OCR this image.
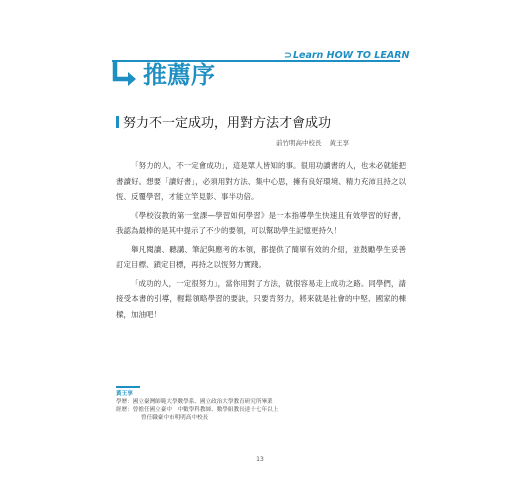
⊃Learn HOW TO LEARN
推薦序
努力不一定成功，用對方法才會成功
前竹明高中校長 黃王享

「努力的人，不一定會成功」，這是眾人皆知的事。很用功讀書的人，也未必就能把書讀好。想要「讀好書」，必須用對方法、集中心思，擁有良好環境、精力充沛且持之以恆、反覆學習，才能立竿見影、事半功倍。

《學校沒教的第一堂課—學習如何學習》是一本指導學生快速且有效學習的好書，我認為最棒的是其中提示了不少的要領，可以幫助學生記憶更持久！

舉凡閱讀、聽講、筆記與應考的本領，都提供了簡單有效的介紹，並鼓勵學生妥善訂定目標、鎖定目標，再持之以恆努力實踐。

「成功的人，一定很努力」，當你用對了方法，就很容易走上成功之路。同學們，請接受本書的引導，輕鬆領略學習的要訣，只要肯努力，將來就是社會的中堅、國家的棟樑，加油吧！

黃王享
學歷：國立臺灣師範大學數學系、國立政治大學教育研究所畢業
經歷：曾擔任國立臺中　中數學科教師、數學組教長達十七年以上
曾任職臺中市明明高中校長
13
